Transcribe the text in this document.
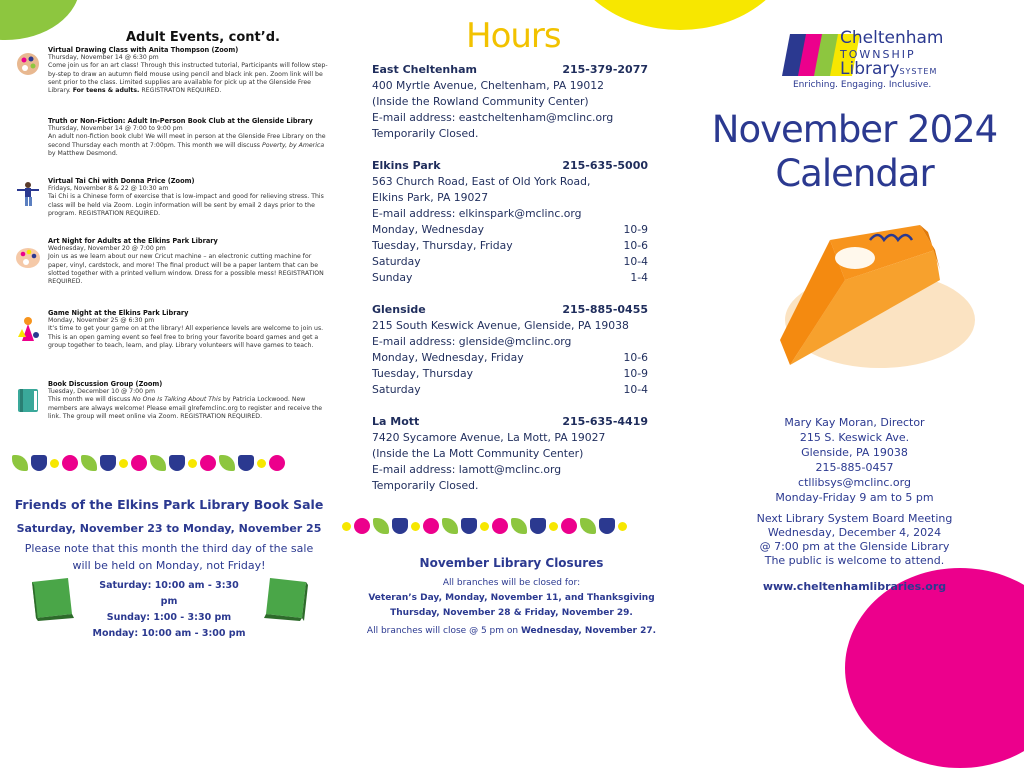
Adult Events, cont’d.
Virtual Drawing Class with Anita Thompson (Zoom)
Thursday, November 14 @ 6:30 pm
Come join us for an art class! Through this instructed tutorial, Participants will follow step-by-step to draw an autumn field mouse using pencil and black ink pen. Zoom link will be sent prior to the class. Limited supplies are available for pick up at the Glenside Free Library. For teens & adults. REGISTRATON REQUIRED.
Truth or Non-Fiction: Adult In-Person Book Club at the Glenside Library
Thursday, November 14 @ 7:00 to 9:00 pm
An adult non-fiction book club! We will meet in person at the Glenside Free Library on the second Thursday each month at 7:00pm. This month we will discuss Poverty, by America by Matthew Desmond.
Virtual Tai Chi with Donna Price (Zoom)
Fridays, November 8 & 22 @ 10:30 am
Tai Chi is a Chinese form of exercise that is low-impact and good for relieving stress. This class will be held via Zoom. Login information will be sent by email 2 days prior to the program. REGISTRATION REQUIRED.
Art Night for Adults at the Elkins Park Library
Wednesday, November 20 @ 7:00 pm
Join us as we learn about our new Cricut machine – an electronic cutting machine for paper, vinyl, cardstock, and more! The final product will be a paper lantern that can be slotted together with a printed vellum window. Dress for a possible mess! REGISTRATION REQUIRED.
Game Night at the Elkins Park Library
Monday, November 25 @ 6:30 pm
It’s time to get your game on at the library! All experience levels are welcome to join us. This is an open gaming event so feel free to bring your favorite board games and get a group together to teach, learn, and play. Library volunteers will have games to teach.
Book Discussion Group (Zoom)
Tuesday, December 10 @ 7:00 pm
This month we will discuss No One Is Talking About This by Patricia Lockwood. New members are always welcome! Please email glrefemclinc.org to register and receive the link. The group will meet online via Zoom. REGISTRATION REQUIRED.
Friends of the Elkins Park Library Book Sale
Saturday, November 23 to Monday, November 25
Please note that this month the third day of the sale will be held on Monday, not Friday!
Saturday: 10:00 am - 3:30 pm
Sunday: 1:00 - 3:30 pm
Monday: 10:00 am - 3:00 pm
Hours
East Cheltenham	215-379-2077
400 Myrtle Avenue, Cheltenham, PA 19012
(Inside the Rowland Community Center)
E-mail address: eastcheltenham@mclinc.org
Temporarily Closed.
Elkins Park	215-635-5000
563 Church Road, East of Old York Road,
Elkins Park, PA 19027
E-mail address: elkinspark@mclinc.org
Monday, Wednesday	10-9
Tuesday, Thursday, Friday	10-6
Saturday	10-4
Sunday	1-4
Glenside	215-885-0455
215 South Keswick Avenue, Glenside, PA 19038
E-mail address: glenside@mclinc.org
Monday, Wednesday, Friday	10-6
Tuesday, Thursday	10-9
Saturday	10-4
La Mott	215-635-4419
7420 Sycamore Avenue, La Mott, PA 19027
(Inside the La Mott Community Center)
E-mail address: lamott@mclinc.org
Temporarily Closed.
November Library Closures
All branches will be closed for:
Veteran’s Day, Monday, November 11, and Thanksgiving
Thursday, November 28 & Friday, November 29.
All branches will close @ 5 pm on Wednesday, November 27.
Cheltenham
TOWNSHIP
LibrarySYSTEM
Enriching. Engaging. Inclusive.
November 2024
Calendar
Mary Kay Moran, Director
215 S. Keswick Ave.
Glenside, PA 19038
215-885-0457
ctllibsys@mclinc.org
Monday-Friday 9 am to 5 pm
Next Library System Board Meeting
Wednesday, December 4, 2024
@ 7:00 pm at the Glenside Library
The public is welcome to attend.
www.cheltenhamlibraries.org
